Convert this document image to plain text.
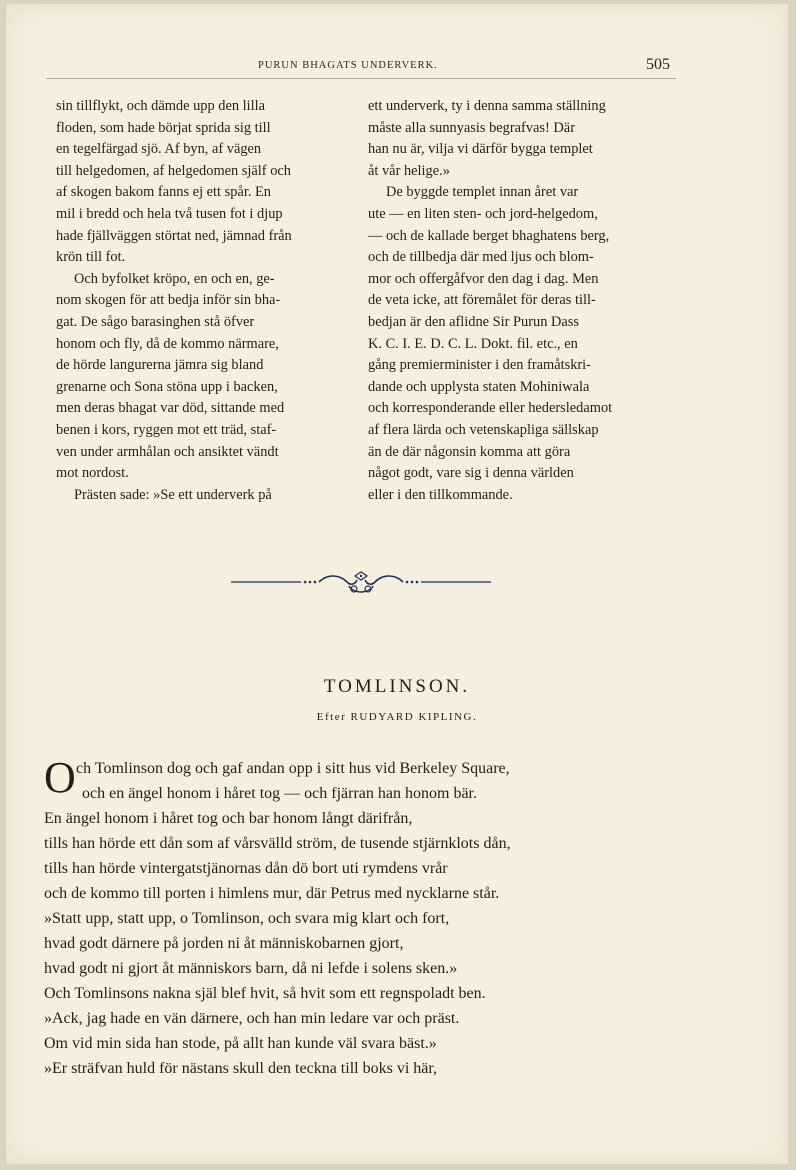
PURUN BHAGATS UNDERVERK.	505

sin tillflykt, och dämde upp den lilla

floden, som hade börjat sprida sig till

en tegelfärgad sjö. Af byn, af vägen

till helgedomen, af helgedomen själf och

af skogen bakom fanns ej ett spår. En

mil i bredd och hela två tusen fot i djup

hade fjällväggen störtat ned, jämnad från

krön till fot.

Och byfolket kröpo, en och en, ge-

nom skogen för att bedja inför sin bha-

gat. De sågo barasinghen stå öfver

honom och fly, då de kommo närmare,

de hörde langurerna jämra sig bland

grenarne och Sona stöna upp i backen,

men deras bhagat var död, sittande med

benen i kors, ryggen mot ett träd, staf-

ven under armhålan och ansiktet vändt

mot nordost.

Prästen sade: »Se ett underverk på

ett underverk, ty i denna samma ställning

måste alla sunnyasis begrafvas! Där

han nu är, vilja vi därför bygga templet

åt vår helige.»

De byggde templet innan året var

ute — en liten sten- och jord-helgedom,

— och de kallade berget bhaghatens berg,

och de tillbedja där med ljus och blom-

mor och offergåfvor den dag i dag. Men

de veta icke, att föremålet för deras till-

bedjan är den aflidne Sir Purun Dass

K. C. I. E. D. C. L. Dokt. fil. etc., en

gång premierminister i den framåtskri-

dande och upplysta staten Mohiniwala

och korresponderande eller hedersledamot

af flera lärda och vetenskapliga sällskap

än de där någonsin komma att göra

något godt, vare sig i denna världen

eller i den tillkommande.

TOMLINSON.
Efter RUDYARD KIPLING.
O ch Tomlinson dog och gaf andan opp i sitt hus vid Berkeley Square,
och en ängel honom i håret tog — och fjärran han honom bär.
En ängel honom i håret tog och bar honom långt därifrån,
tills han hörde ett dån som af vårsvälld ström, de tusende stjärnklots dån,
tills han hörde vintergatstjänornas dån dö bort uti rymdens vrår
och de kommo till porten i himlens mur, där Petrus med nycklarne står.
»Statt upp, statt upp, o Tomlinson, och svara mig klart och fort,
hvad godt därnere på jorden ni åt människobarnen gjort,
hvad godt ni gjort åt människors barn, då ni lefde i solens sken.»
Och Tomlinsons nakna själ blef hvit, så hvit som ett regnspoladt ben.
»Ack, jag hade en vän därnere, och han min ledare var och präst.
Om vid min sida han stode, på allt han kunde väl svara bäst.»
»Er sträfvan huld för nästans skull den teckna till boks vi här,
